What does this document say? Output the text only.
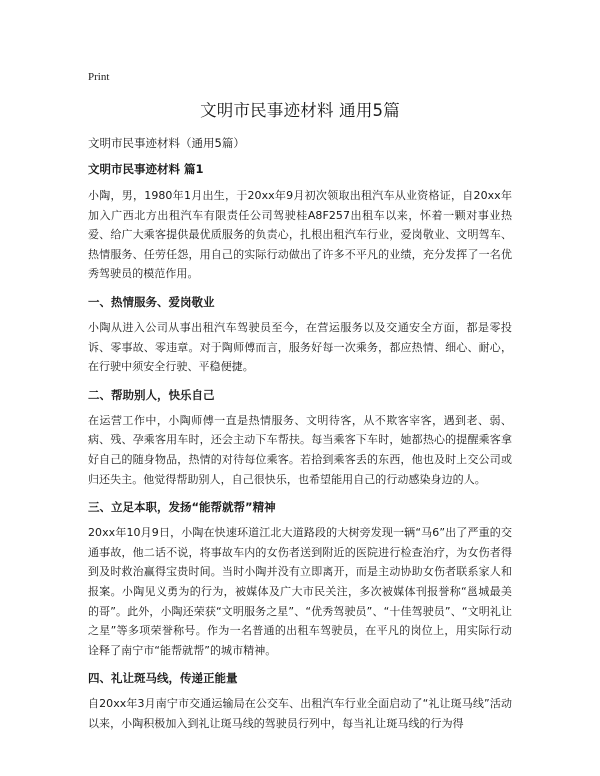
Print
文明市民事迹材料 通用5篇
文明市民事迹材料（通用5篇）
文明市民事迹材料 篇1

小陶，男，1980年1月出生，于20xx年9月初次领取出租汽车从业资格证，自20xx年加入广西北方出租汽车有限责任公司驾驶桂A8F257出租车以来，怀着一颗对事业热爱、给广大乘客提供最优质服务的负责心，扎根出租汽车行业，爱岗敬业、文明驾车、热情服务、任劳任怨，用自己的实际行动做出了许多不平凡的业绩，充分发挥了一名优秀驾驶员的模范作用。

一、热情服务、爱岗敬业

小陶从进入公司从事出租汽车驾驶员至今，在营运服务以及交通安全方面，都是零投诉、零事故、零违章。对于陶师傅而言，服务好每一次乘务，都应热情、细心、耐心，在行驶中须安全行驶、平稳便捷。

二、帮助别人，快乐自己

在运营工作中，小陶师傅一直是热情服务、文明待客，从不欺客宰客，遇到老、弱、病、残、孕乘客用车时，还会主动下车帮扶。每当乘客下车时，她都热心的提醒乘客拿好自己的随身物品，热情的对待每位乘客。若拾到乘客丢的东西，他也及时上交公司或归还失主。他觉得帮助别人，自己很快乐，也希望能用自己的行动感染身边的人。

三、立足本职，发扬“能帮就帮”精神

20xx年10月9日，小陶在快速环道江北大道路段的大树旁发现一辆“马6”出了严重的交通事故，他二话不说，将事故车内的女伤者送到附近的医院进行检查治疗，为女伤者得到及时救治赢得宝贵时间。当时小陶并没有立即离开，而是主动协助女伤者联系家人和报案。小陶见义勇为的行为，被媒体及广大市民关注，多次被媒体刊报誉称“邕城最美的哥”。此外，小陶还荣获“文明服务之星”、“优秀驾驶员”、“十佳驾驶员”、“文明礼让之星”等多项荣誉称号。作为一名普通的出租车驾驶员，在平凡的岗位上，用实际行动诠释了南宁市“能帮就帮”的城市精神。

四、礼让斑马线，传递正能量

自20xx年3月南宁市交通运输局在公交车、出租汽车行业全面启动了“礼让斑马线”活动以来，小陶积极加入到礼让斑马线的驾驶员行列中，每当礼让斑马线的行为得
